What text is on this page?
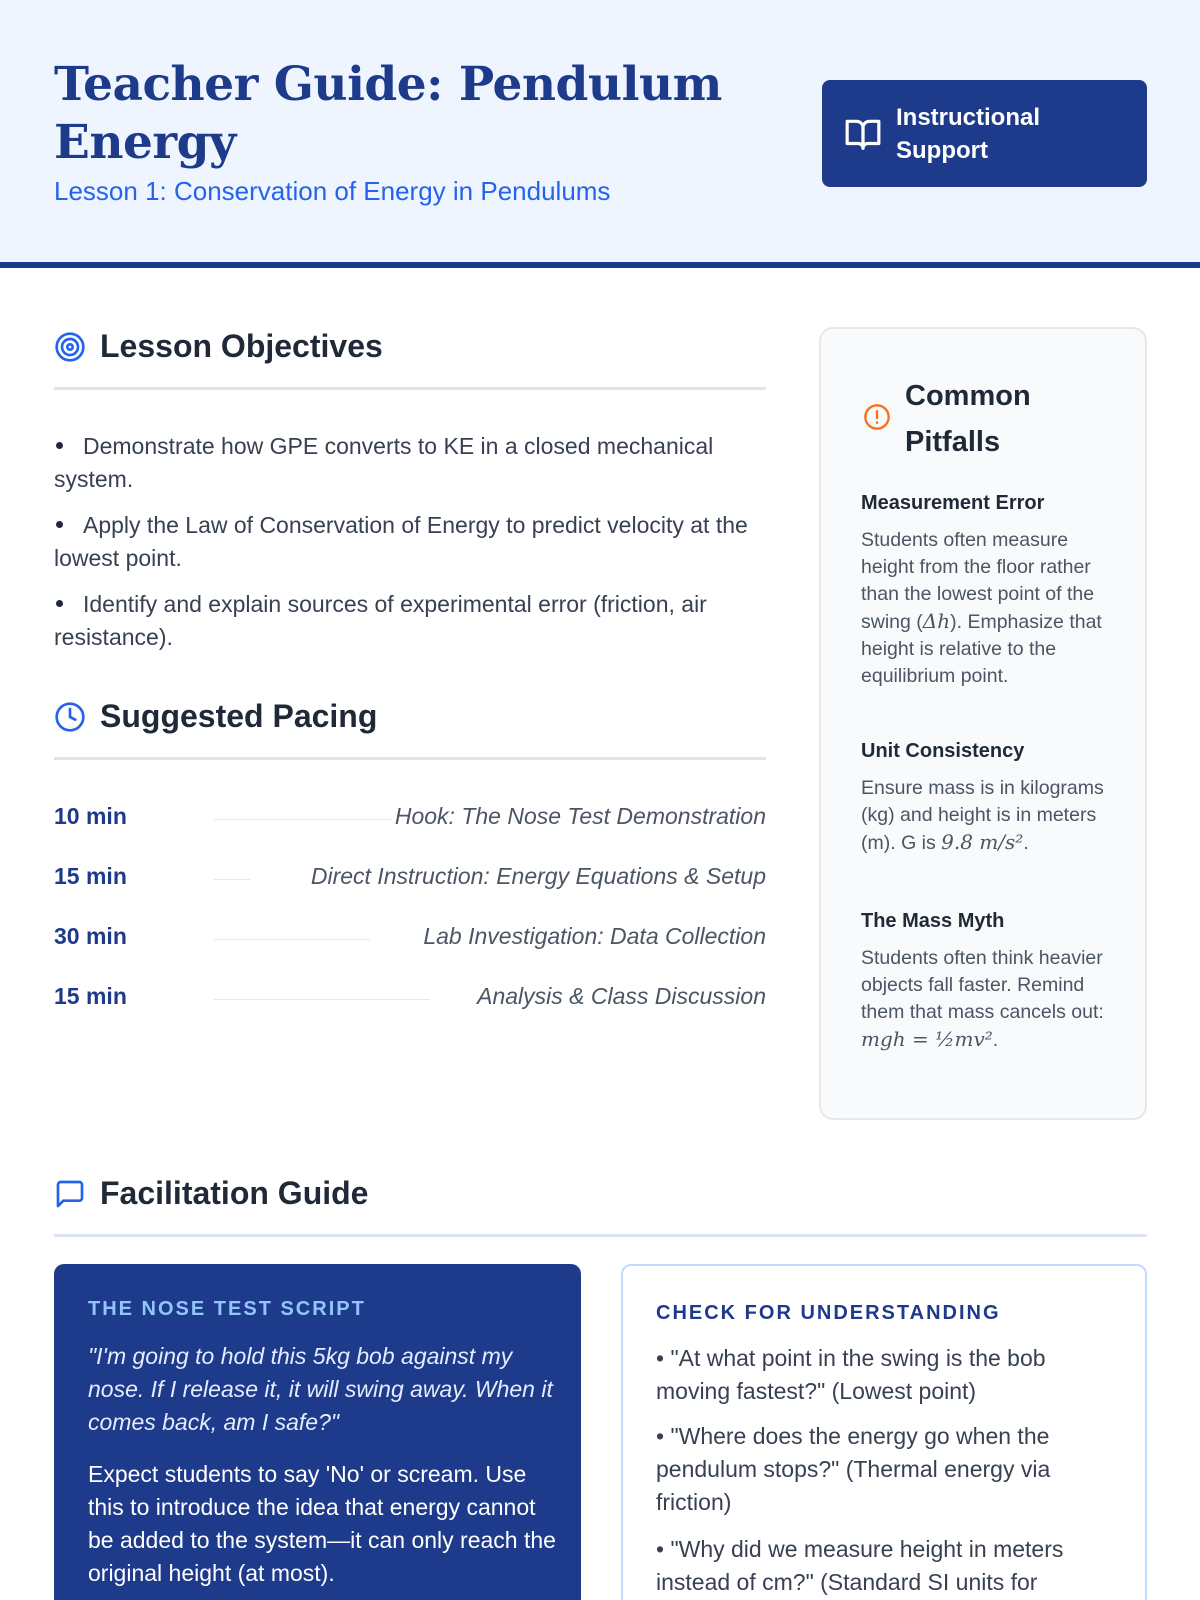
Teacher Guide: Pendulum Energy
Lesson 1: Conservation of Energy in Pendulums
Instructional Support
Lesson Objectives
Demonstrate how GPE converts to KE in a closed mechanical system.
Apply the Law of Conservation of Energy to predict velocity at the lowest point.
Identify and explain sources of experimental error (friction, air resistance).
Suggested Pacing
10 min	Hook: The Nose Test Demonstration
15 min	Direct Instruction: Energy Equations & Setup
30 min	Lab Investigation: Data Collection
15 min	Analysis & Class Discussion
Common Pitfalls
Measurement Error
Students often measure height from the floor rather than the lowest point of the swing (Δh). Emphasize that height is relative to the equilibrium point.
Unit Consistency
Ensure mass is in kilograms (kg) and height is in meters (m). G is 9.8 m/s².
The Mass Myth
Students often think heavier objects fall faster. Remind them that mass cancels out: mgh = ½mv².
Facilitation Guide
THE NOSE TEST SCRIPT
"I'm going to hold this 5kg bob against my nose. If I release it, it will swing away. When it comes back, am I safe?"
Expect students to say 'No' or scream. Use this to introduce the idea that energy cannot be added to the system—it can only reach the original height (at most).
CHECK FOR UNDERSTANDING
• "At what point in the swing is the bob moving fastest?" (Lowest point)
• "Where does the energy go when the pendulum stops?" (Thermal energy via friction)
• "Why did we measure height in meters instead of cm?" (Standard SI units for
